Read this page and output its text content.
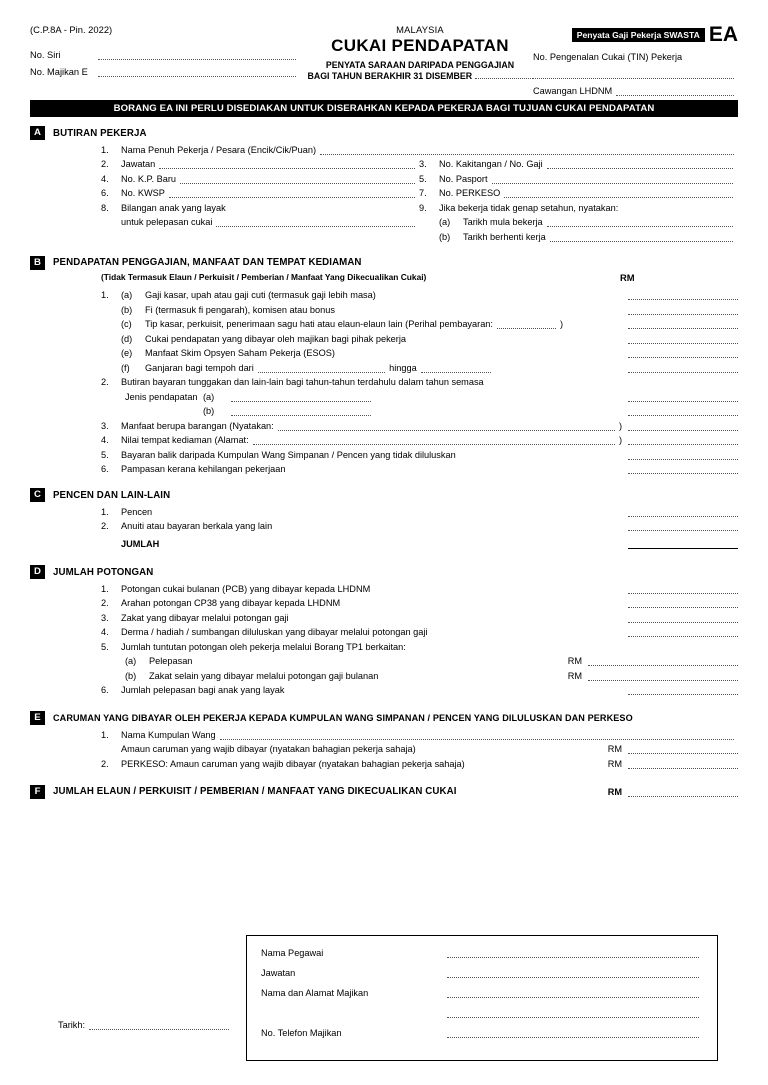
(C.P.8A - Pin. 2022)
No. Siri
No. Majikan E
MALAYSIA
CUKAI PENDAPATAN
PENYATA SARAAN DARIPADA PENGGAJIAN
BAGI TAHUN BERAKHIR 31 DISEMBER
Penyata Gaji Pekerja SWASTA EA
No. Pengenalan Cukai (TIN) Pekerja
Cawangan LHDNM
BORANG EA INI PERLU DISEDIAKAN UNTUK DISERAHKAN KEPADA PEKERJA BAGI TUJUAN CUKAI PENDAPATAN
A	BUTIRAN PEKERJA
1.	Nama Penuh Pekerja / Pesara (Encik/Cik/Puan)
2.	Jawatan	3.	No. Kakitangan / No. Gaji
4.	No. K.P. Baru	5.	No. Pasport
6.	No. KWSP	7.	No. PERKESO
8.	Bilangan anak yang layak	9.	Jika bekerja tidak genap setahun, nyatakan:
untuk pelepasan cukai	(a)	Tarikh mula bekerja
(b)	Tarikh berhenti kerja
B	PENDAPATAN PENGGAJIAN, MANFAAT DAN TEMPAT KEDIAMAN
(Tidak Termasuk Elaun / Perkuisit / Pemberian / Manfaat Yang Dikecualikan Cukai)	RM
1.	(a)	Gaji kasar, upah atau gaji cuti (termasuk gaji lebih masa)
(b)	Fi (termasuk fi pengarah), komisen atau bonus
(c)	Tip kasar, perkuisit, penerimaan sagu hati atau elaun-elaun lain (Perihal pembayaran:	)
(d)	Cukai pendapatan yang dibayar oleh majikan bagi pihak pekerja
(e)	Manfaat Skim Opsyen Saham Pekerja (ESOS)
(f)	Ganjaran bagi tempoh dari	hingga
2.	Butiran bayaran tunggakan dan lain-lain bagi tahun-tahun terdahulu dalam tahun semasa
Jenis pendapatan (a)
(b)
3.	Manfaat berupa barangan (Nyatakan:	)
4.	Nilai tempat kediaman (Alamat:	)
5.	Bayaran balik daripada Kumpulan Wang Simpanan / Pencen yang tidak diluluskan
6.	Pampasan kerana kehilangan pekerjaan
C	PENCEN DAN LAIN-LAIN
1.	Pencen
2.	Anuiti atau bayaran berkala yang lain
JUMLAH
D	JUMLAH POTONGAN
1.	Potongan cukai bulanan (PCB) yang dibayar kepada LHDNM
2.	Arahan potongan CP38 yang dibayar kepada LHDNM
3.	Zakat yang dibayar melalui potongan gaji
4.	Derma / hadiah / sumbangan diluluskan yang dibayar melalui potongan gaji
5.	Jumlah tuntutan potongan oleh pekerja melalui Borang TP1 berkaitan:
(a)	Pelepasan	RM
(b)	Zakat selain yang dibayar melalui potongan gaji bulanan	RM
6.	Jumlah pelepasan bagi anak yang layak
E	CARUMAN YANG DIBAYAR OLEH PEKERJA KEPADA KUMPULAN WANG SIMPANAN / PENCEN YANG DILULUSKAN DAN PERKESO
1.	Nama Kumpulan Wang
Amaun caruman yang wajib dibayar (nyatakan bahagian pekerja sahaja)	RM
2.	PERKESO: Amaun caruman yang wajib dibayar (nyatakan bahagian pekerja sahaja)	RM
F	JUMLAH ELAUN / PERKUISIT / PEMBERIAN / MANFAAT YANG DIKECUALIKAN CUKAI	RM
Tarikh:
Nama Pegawai
Jawatan
Nama dan Alamat Majikan
No. Telefon Majikan
